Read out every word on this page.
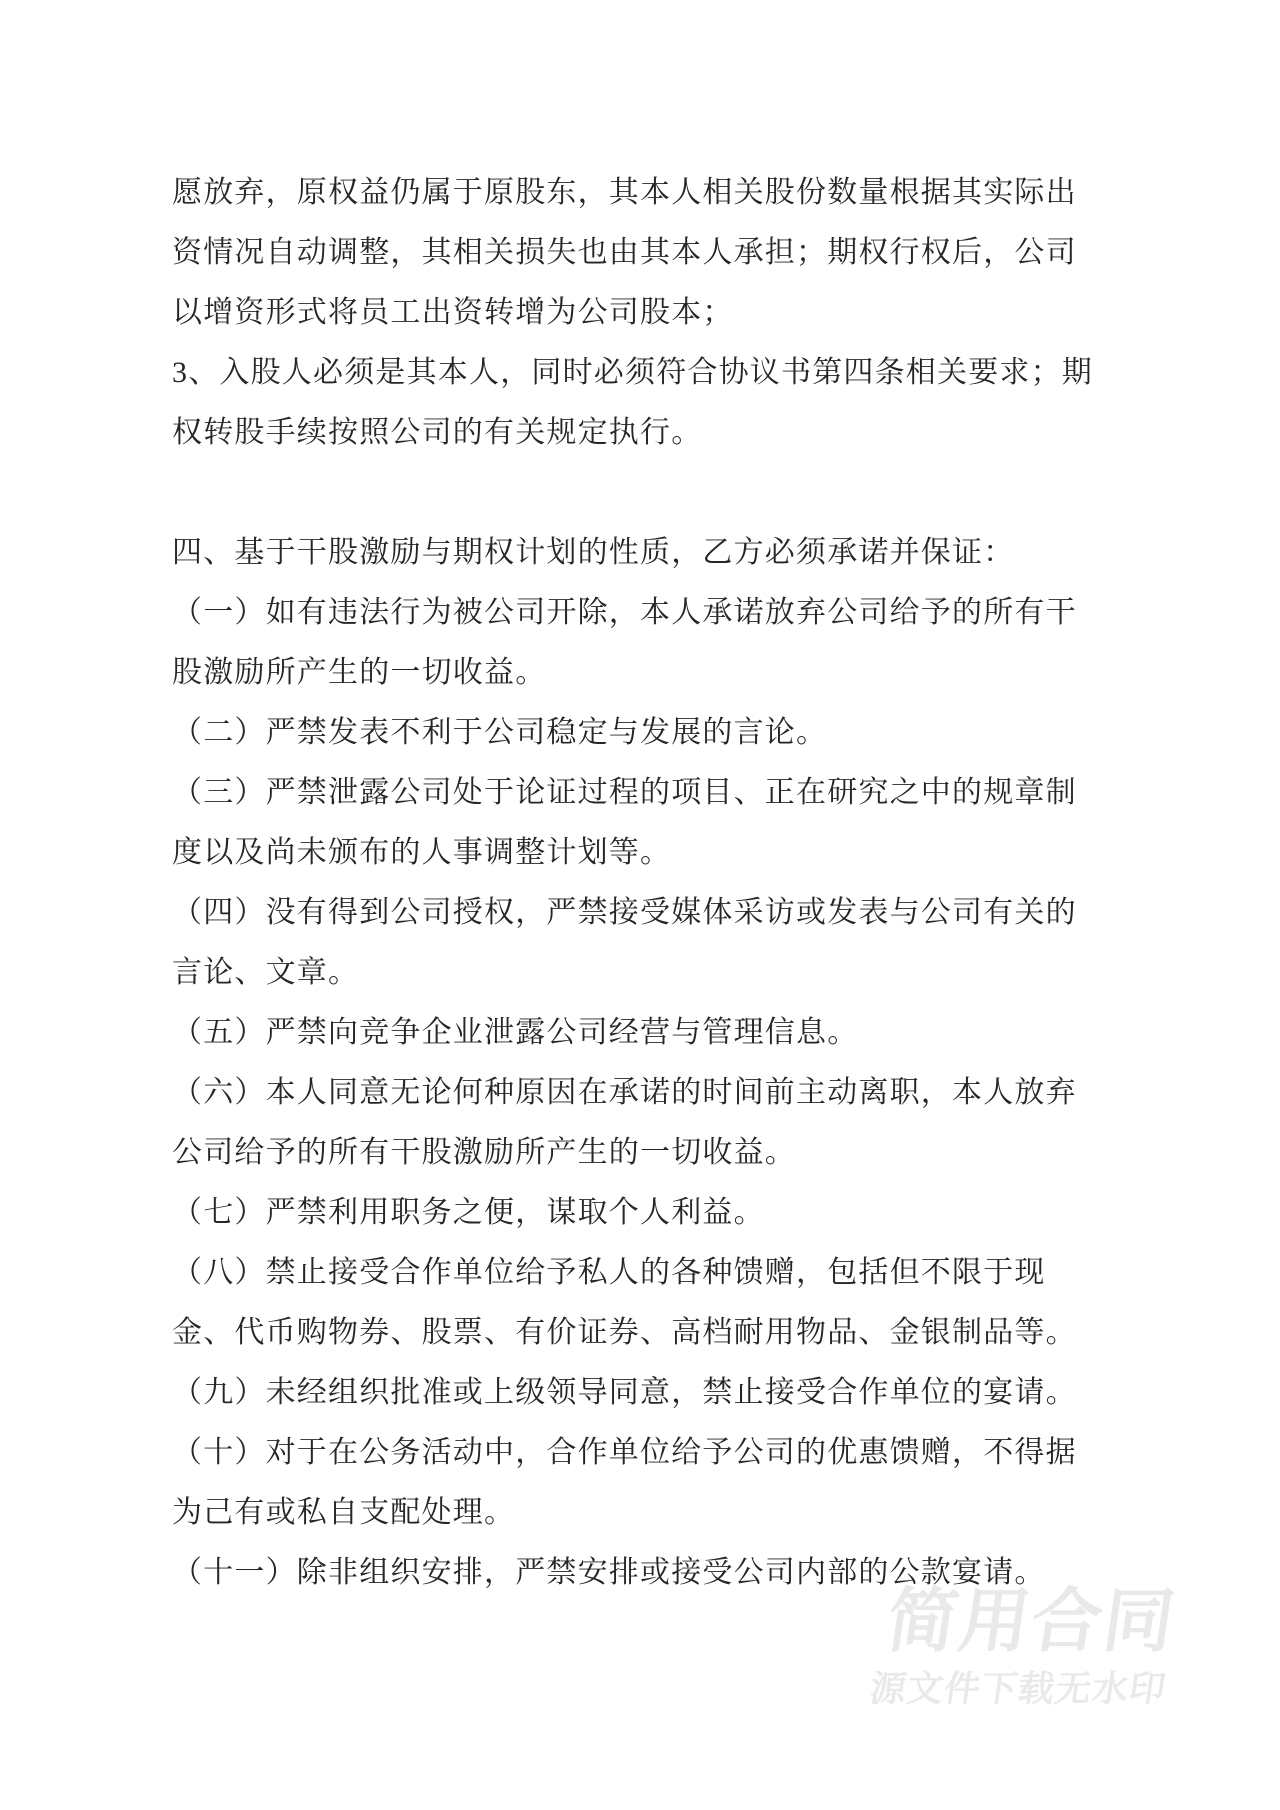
愿放弃，原权益仍属于原股东，其本人相关股份数量根据其实际出
资情况自动调整，其相关损失也由其本人承担；期权行权后，公司
以增资形式将员工出资转增为公司股本；
3、入股人必须是其本人，同时必须符合协议书第四条相关要求；期
权转股手续按照公司的有关规定执行。
四、基于干股激励与期权计划的性质，乙方必须承诺并保证：
（一）如有违法行为被公司开除，本人承诺放弃公司给予的所有干
股激励所产生的一切收益。
（二）严禁发表不利于公司稳定与发展的言论。
（三）严禁泄露公司处于论证过程的项目、正在研究之中的规章制
度以及尚未颁布的人事调整计划等。
（四）没有得到公司授权，严禁接受媒体采访或发表与公司有关的
言论、文章。
（五）严禁向竞争企业泄露公司经营与管理信息。
（六）本人同意无论何种原因在承诺的时间前主动离职，本人放弃
公司给予的所有干股激励所产生的一切收益。
（七）严禁利用职务之便，谋取个人利益。
（八）禁止接受合作单位给予私人的各种馈赠，包括但不限于现
金、代币购物券、股票、有价证券、高档耐用物品、金银制品等。
（九）未经组织批准或上级领导同意，禁止接受合作单位的宴请。
（十）对于在公务活动中，合作单位给予公司的优惠馈赠，不得据
为己有或私自支配处理。
（十一）除非组织安排，严禁安排或接受公司内部的公款宴请。
简用合同
源文件下载无水印
